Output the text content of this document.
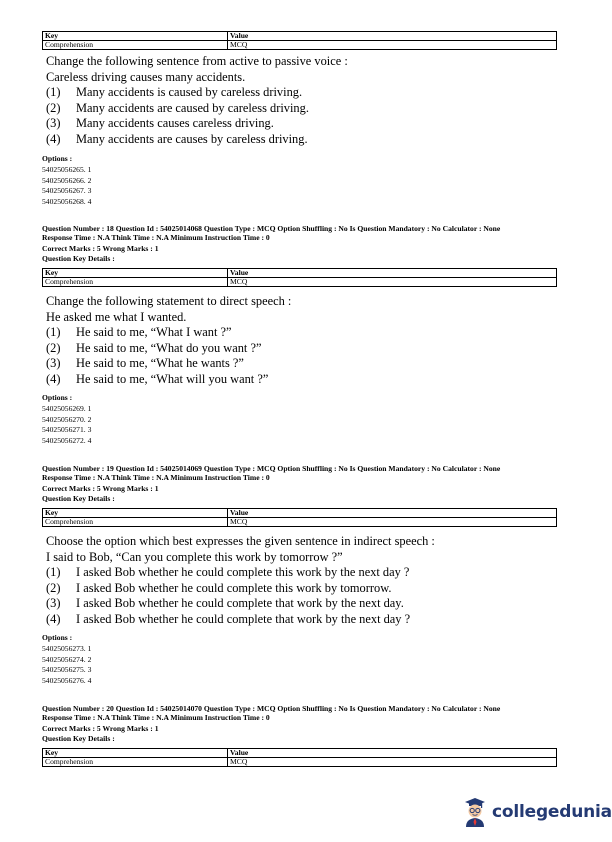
Key	Value
Comprehension	MCQ

Change the following sentence from active to passive voice :

Careless driving causes many accidents.

(1) Many accidents is caused by careless driving.
(2) Many accidents are caused by careless driving.
(3) Many accidents causes careless driving.
(4) Many accidents are causes by careless driving.
Options :
54025056265. 1
54025056266. 2
54025056267. 3
54025056268. 4
Question Number : 18 Question Id : 54025014068 Question Type : MCQ Option Shuffling : No Is Question Mandatory : No Calculator : None
Response Time : N.A Think Time : N.A Minimum Instruction Time : 0
Correct Marks : 5 Wrong Marks : 1
Question Key Details :
Key	Value
Comprehension	MCQ

Change the following statement to direct speech :

He asked me what I wanted.

(1) He said to me, “What I want ?”
(2) He said to me, “What do you want ?”
(3) He said to me, “What he wants ?”
(4) He said to me, “What will you want ?”
Options :
54025056269. 1
54025056270. 2
54025056271. 3
54025056272. 4
Question Number : 19 Question Id : 54025014069 Question Type : MCQ Option Shuffling : No Is Question Mandatory : No Calculator : None
Response Time : N.A Think Time : N.A Minimum Instruction Time : 0
Correct Marks : 5 Wrong Marks : 1
Question Key Details :
Key	Value
Comprehension	MCQ

Choose the option which best expresses the given sentence in indirect speech :

I said to Bob, “Can you complete this work by tomorrow ?”

(1) I asked Bob whether he could complete this work by the next day ?
(2) I asked Bob whether he could complete this work by tomorrow.
(3) I asked Bob whether he could complete that work by the next day.
(4) I asked Bob whether he could complete that work by the next day ?
Options :
54025056273. 1
54025056274. 2
54025056275. 3
54025056276. 4
Question Number : 20 Question Id : 54025014070 Question Type : MCQ Option Shuffling : No Is Question Mandatory : No Calculator : None
Response Time : N.A Think Time : N.A Minimum Instruction Time : 0
Correct Marks : 5 Wrong Marks : 1
Question Key Details :
Key	Value
Comprehension	MCQ
collegedunia
